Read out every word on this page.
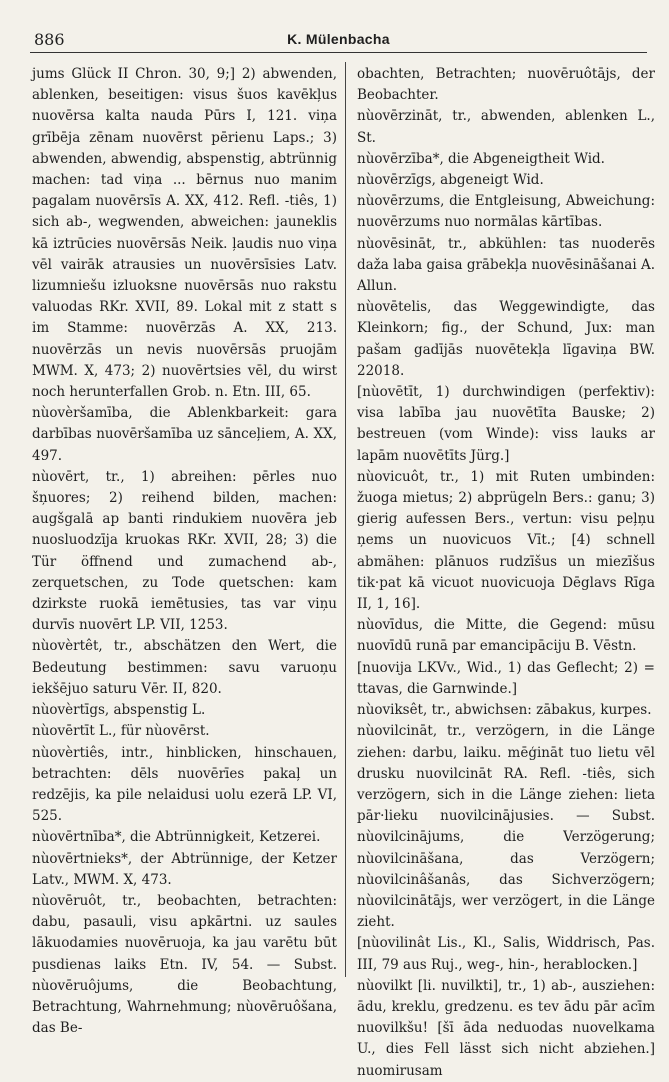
886	K. Mülenbacha

jums Glück II Chron. 30, 9;] 2) abwenden, ablenken, beseitigen: visus šuos kavēkļus nuovērsa kalta nauda Pūrs I, 121. viņa grībēja zēnam nuovērst pērienu Laps.; 3) abwenden, abwendig, abspenstig, abtrünnig machen: tad viņa ... bērnus nuo manim pagalam nuovērsīs A. XX, 412. Refl. -tiês, 1) sich ab-, wegwenden, abweichen: jauneklis kā iztrūcies nuovērsās Neik. ļaudis nuo viņa vēl vairāk atrausies un nuovērsīsies Latv. lizumniešu izluoksne nuovērsās nuo rakstu valuodas RKr. XVII, 89. Lokal mit z statt s im Stamme: nuovērzās A. XX, 213. nuovērzās un nevis nuovērsās pruojām MWM. X, 473; 2) nuovērtsies vēl, du wirst noch herunterfallen Grob. n. Etn. III, 65.

nùovèršamība, die Ablenkbarkeit: gara darbības nuovēršamība uz sānceļiem, A. XX, 497.

nùovērt, tr., 1) abreihen: pērles nuo šņuores; 2) reihend bilden, machen: augšgalā ap banti rindukiem nuovēra jeb nuosluodzīja kruokas RKr. XVII, 28; 3) die Tür öffnend und zumachend ab-, zerquetschen, zu Tode quetschen: kam dzirkste ruokā iemētusies, tas var viņu durvīs nuovērt LP. VII, 1253.

nùovèrtêt, tr., abschätzen den Wert, die Bedeutung bestimmen: savu varuoņu iekšējuo saturu Vēr. II, 820.

nùovèrtīgs, abspenstig L.

nùovērtīt L., für nùovērst.

nùovèrtiês, intr., hinblicken, hinschauen, betrachten: dēls nuovērīes pakaļ un redzējis, ka pile nelaidusi uolu ezerā LP. VI, 525.

nùovērtnība*, die Abtrünnigkeit, Ketzerei.

nùovērtnieks*, der Abtrünnige, der Ketzer Latv., MWM. X, 473.

nùovēruôt, tr., beobachten, betrachten: dabu, pasauli, visu apkārtni. uz saules lākuodamies nuovēruoja, ka jau varētu būt pusdienas laiks Etn. IV, 54. — Subst. nùovēruôjums, die Beobachtung, Betrachtung, Wahrnehmung; nùovēruôšana, das Be-

obachten, Betrachten; nuovēruôtājs, der Beobachter.

nùovērzināt, tr., abwenden, ablenken L., St.

nùovērzība*, die Abgeneigtheit Wid.

nùovērzīgs, abgeneigt Wid.

nùovērzums, die Entgleisung, Abweichung: nuovērzums nuo normālas kārtības.

nùovēsināt, tr., abkühlen: tas nuoderēs daža laba gaisa grābekļa nuovēsināšanai A. Allun.

nùovētelis, das Weggewindigte, das Kleinkorn; fig., der Schund, Jux: man pašam gadījās nuovētekļa līgaviņa BW. 22018.

[nùovētīt, 1) durchwindigen (perfektiv): visa labība jau nuovētīta Bauske; 2) bestreuen (vom Winde): viss lauks ar lapām nuovētīts Jürg.]

nùovicuôt, tr., 1) mit Ruten umbinden: žuoga mietus; 2) abprügeln Bers.: ganu; 3) gierig aufessen Bers., vertun: visu peļņu ņems un nuovicuos Vīt.; [4) schnell abmähen: plānuos rudzīšus un miezīšus tik·pat kā vicuot nuovicuoja Dēglavs Rīga II, 1, 16].

nùovīdus, die Mitte, die Gegend: mūsu nuovīdū runā par emancipāciju B. Vēstn.

[nuovija LKVv., Wid., 1) das Geflecht; 2) = ttavas, die Garnwinde.]

nùoviksêt, tr., abwichsen: zābakus, kurpes.

nùovilcināt, tr., verzögern, in die Länge ziehen: darbu, laiku. mēģināt tuo lietu vēl drusku nuovilcināt RA. Refl. -tiês, sich verzögern, sich in die Länge ziehen: lieta pār·lieku nuovilcinājusies. — Subst. nùovilcinājums, die Verzögerung; nùovilcināšana, das Verzögern; nùovilcinâšanâs, das Sichverzögern; nùovilcinātājs, wer verzögert, in die Länge zieht.

[nùovilinât Lis., Kl., Salis, Widdrisch, Pas. III, 79 aus Ruj., weg-, hin-, herablocken.]

nùovilkt [li. nuvilkti], tr., 1) ab-, ausziehen: ādu, kreklu, gredzenu. es tev ādu pār acīm nuovilkšu! [šī āda neduodas nuovelkama U., dies Fell lässt sich nicht abziehen.] nuomirusam
